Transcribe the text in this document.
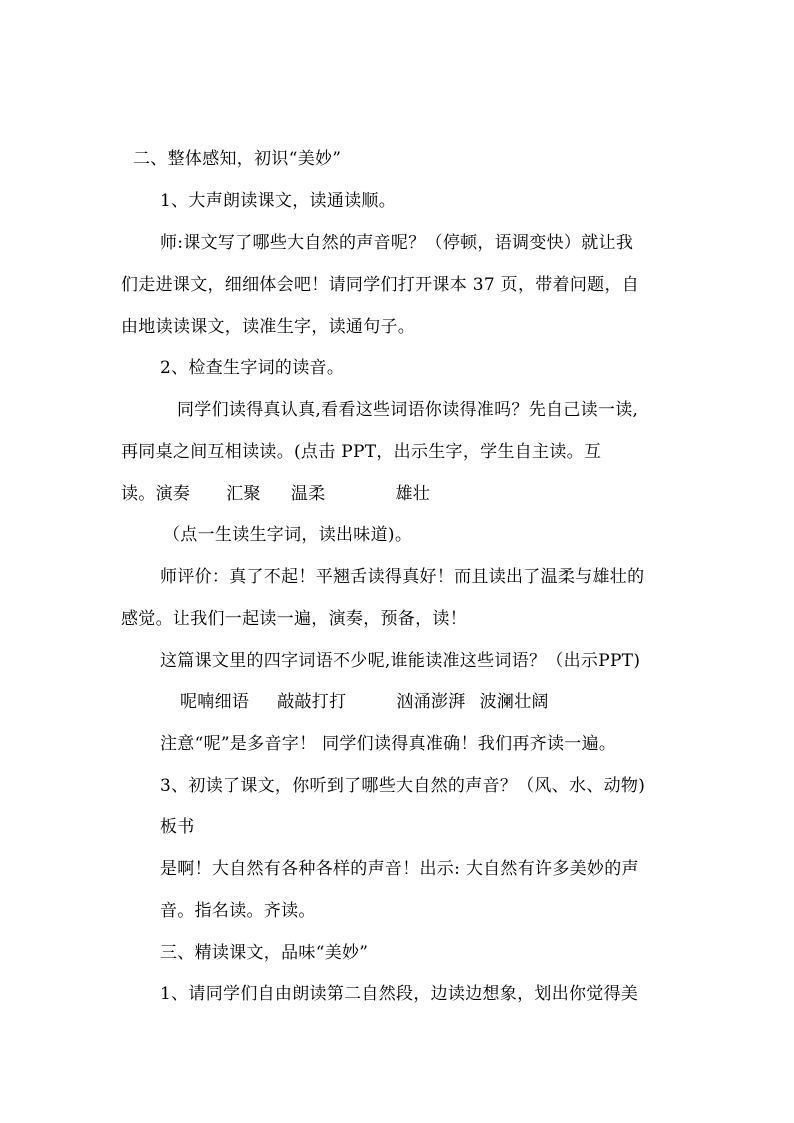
二、整体感知，初识“美妙”
1、大声朗读课文，读通读顺。
师:课文写了哪些大自然的声音呢？（停顿，语调变快）就让我
们走进课文，细细体会吧！请同学们打开课本 37 页，带着问题，自
由地读读课文，读准生字，读通句子。
2、检查生字词的读音。
同学们读得真认真,看看这些词语你读得准吗？先自己读一读,
再同桌之间互相读读。(点击 PPT，出示生字，学生自主读。互
读。演奏 汇聚 温柔	雄壮
（点一生读生字词，读出味道)。
师评价：真了不起！平翘舌读得真好！而且读出了温柔与雄壮的
感觉。让我们一起读一遍，演奏，预备，读！
这篇课文里的四字词语不少呢,谁能读准这些词语？（出示PPT)
呢喃细语 敲敲打打	汹涌澎湃 波澜壮阔
注意“呢”是多音字！ 同学们读得真准确！我们再齐读一遍。
3、初读了课文，你听到了哪些大自然的声音？（风、水、动物)
板书
是啊！大自然有各种各样的声音！出示: 大自然有许多美妙的声
音。指名读。齐读。
三、精读课文，品味“美妙”
1、请同学们自由朗读第二自然段，边读边想象，划出你觉得美
